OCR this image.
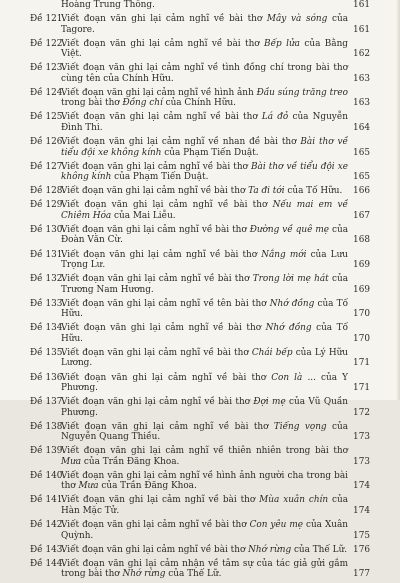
Hoàng Trung Thông.	161
Đề 121.
Viết đoạn văn ghi lại cảm nghĩ về bài thơ Mây và sóng của Tagore.	161
Đề 122.
Viết đoạn văn ghi lại cảm nghĩ về bài thơ Bếp lửa của Bằng Việt.	162
Đề 123.
Viết đoạn văn ghi lại cảm nghĩ về tình đồng chí trong bài thơ cùng tên của Chính Hữu.	163
Đề 124.
Viết đoạn văn ghi lại cảm nghĩ về hình ảnh Đầu súng trăng treo trong bài thơ Đồng chí của Chính Hữu.	163
Đề 125.
Viết đoạn văn ghi lại cảm nghĩ về bài thơ Lá đỏ của Nguyễn Đình Thi.	164
Đề 126.
Viết đoạn văn ghi lại cảm nghĩ về nhan đề bài thơ Bài thơ về tiểu đội xe không kính của Phạm Tiến Duật.	165
Đề 127.
Viết đoạn văn ghi lại cảm nghĩ về bài thơ Bài thơ về tiểu đội xe không kính của Phạm Tiến Duật.	165
Đề 128.
Viết đoạn văn ghi lại cảm nghĩ về bài thơ Ta đi tới của Tố Hữu.	166
Đề 129.
Viết đoạn văn ghi lại cảm nghĩ về bài thơ Nếu mai em về Chiêm Hóa của Mai Liễu.	167
Đề 130.
Viết đoạn văn ghi lại cảm nghĩ về bài thơ Đường về quê mẹ của Đoàn Văn Cừ.	168
Đề 131.
Viết đoạn văn ghi lại cảm nghĩ về bài thơ Nắng mới của Lưu Trọng Lư.	169
Đề 132.
Viết đoạn văn ghi lại cảm nghĩ về bài thơ Trong lời mẹ hát của Trương Nam Hương.	169
Đề 133.
Viết đoạn văn ghi lại cảm nghĩ về tên bài thơ Nhớ đồng của Tố Hữu.	170
Đề 134.
Viết đoạn văn ghi lại cảm nghĩ về bài thơ Nhớ đồng của Tố Hữu.	170
Đề 135.
Viết đoạn văn ghi lại cảm nghĩ về bài thơ Chái bếp của Lý Hữu Lương.	171
Đề 136.
Viết đoạn văn ghi lại cảm nghĩ về bài thơ Con là ... của Y Phương.	171
Đề 137.
Viết đoạn văn ghi lại cảm nghĩ về bài thơ Đợi mẹ của Vũ Quần Phương.	172
Đề 138.
Viết đoạn văn ghi lại cảm nghĩ về bài thơ Tiếng vọng của Nguyễn Quang Thiều.	173
Đề 139.
Viết đoạn văn ghi lại cảm nghĩ về thiên nhiên trong bài thơ Mưa của Trần Đăng Khoa.	173
Đề 140.
Viết đoạn văn ghi lại cảm nghĩ về hình ảnh người cha trong bài thơ Mưa của Trần Đăng Khoa.	174
Đề 141.
Viết đoạn văn ghi lại cảm nghĩ về bài thơ Mùa xuân chín của Hàn Mặc Tử.	174
Đề 142.
Viết đoạn văn ghi lại cảm nghĩ về bài thơ Con yêu mẹ của Xuân Quỳnh.	175
Đề 143.
Viết đoạn văn ghi lại cảm nghĩ về bài thơ Nhớ rừng của Thế Lữ. 176
Đề 144.
Viết đoạn văn ghi lại cảm nhận về tâm sự của tác giả gửi gắm trong bài thơ Nhớ rừng của Thế Lữ.	177
